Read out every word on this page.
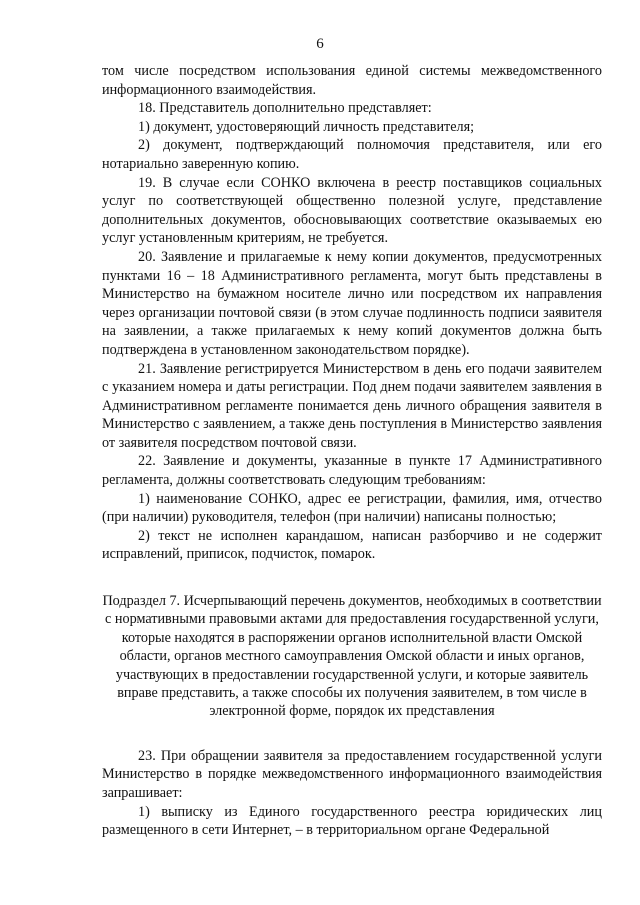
6

том числе посредством использования единой системы межведомственного информационного взаимодействия.

18. Представитель дополнительно представляет:

1) документ, удостоверяющий личность представителя;

2) документ, подтверждающий полномочия представителя, или его нотариально заверенную копию.

19. В случае если СОНКО включена в реестр поставщиков социальных услуг по соответствующей общественно полезной услуге, представление дополнительных документов, обосновывающих соответствие оказываемых ею услуг установленным критериям, не требуется.

20. Заявление и прилагаемые к нему копии документов, предусмотренных пунктами 16 – 18 Административного регламента, могут быть представлены в Министерство на бумажном носителе лично или посредством их направления через организации почтовой связи (в этом случае подлинность подписи заявителя на заявлении, а также прилагаемых к нему копий документов должна быть подтверждена в установленном законодательством порядке).

21. Заявление регистрируется Министерством в день его подачи заявителем с указанием номера и даты регистрации. Под днем подачи заявителем заявления в Административном регламенте понимается день личного обращения заявителя в Министерство с заявлением, а также день поступления в Министерство заявления от заявителя посредством почтовой связи.

22. Заявление и документы, указанные в пункте 17 Административного регламента, должны соответствовать следующим требованиям:

1) наименование СОНКО, адрес ее регистрации, фамилия, имя, отчество (при наличии) руководителя, телефон (при наличии) написаны полностью;

2) текст не исполнен карандашом, написан разборчиво и не содержит исправлений, приписок, подчисток, помарок.

Подраздел 7. Исчерпывающий перечень документов, необходимых в соответствии с нормативными правовыми актами для предоставления государственной услуги, которые находятся в распоряжении органов исполнительной власти Омской области, органов местного самоуправления Омской области и иных органов, участвующих в предоставлении государственной услуги, и которые заявитель вправе представить, а также способы их получения заявителем, в том числе в электронной форме, порядок их представления

23. При обращении заявителя за предоставлением государственной услуги Министерство в порядке межведомственного информационного взаимодействия запрашивает:

1) выписку из Единого государственного реестра юридических лиц размещенного в сети Интернет, – в территориальном органе Федеральной
